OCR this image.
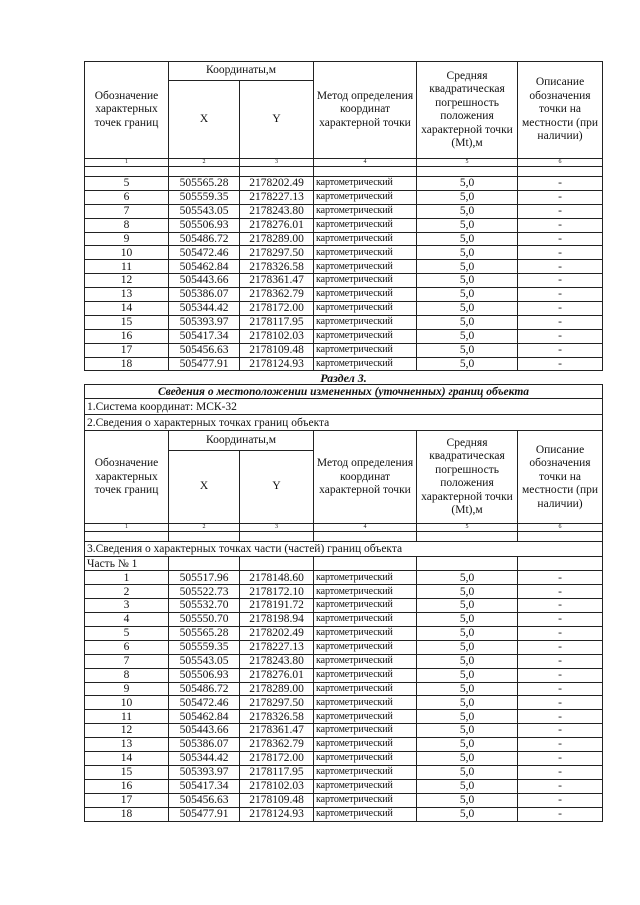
Обозначение характерных точек границ	Координаты,м		Метод определения координат характерной точки	Средняя квадратическая погрешность положения характерной точки (Mt),м	Описание обозначения точки на местности (при наличии)
	X	Y			
1	2	3	4	5	6

5	505565.28	2178202.49	картометрический	5,0	-
6	505559.35	2178227.13	картометрический	5,0	-
7	505543.05	2178243.80	картометрический	5,0	-
8	505506.93	2178276.01	картометрический	5,0	-
9	505486.72	2178289.00	картометрический	5,0	-
10	505472.46	2178297.50	картометрический	5,0	-
11	505462.84	2178326.58	картометрический	5,0	-
12	505443.66	2178361.47	картометрический	5,0	-
13	505386.07	2178362.79	картометрический	5,0	-
14	505344.42	2178172.00	картометрический	5,0	-
15	505393.97	2178117.95	картометрический	5,0	-
16	505417.34	2178102.03	картометрический	5,0	-
17	505456.63	2178109.48	картометрический	5,0	-
18	505477.91	2178124.93	картометрический	5,0	-
Раздел 3.					
Сведения о местоположении измененных (уточненных) границ объекта					
1.Система координат: МСК-32					
2.Сведения о характерных точках границ объекта					
Обозначение характерных точек границ	Координаты,м		Метод определения координат характерной точки	Средняя квадратическая погрешность положения характерной точки (Mt),м	Описание обозначения точки на местности (при наличии)
	X	Y			
1	2	3	4	5	6

3.Сведения о характерных точках части (частей) границ объекта					
Часть № 1					
1	505517.96	2178148.60	картометрический	5,0	-
2	505522.73	2178172.10	картометрический	5,0	-
3	505532.70	2178191.72	картометрический	5,0	-
4	505550.70	2178198.94	картометрический	5,0	-
5	505565.28	2178202.49	картометрический	5,0	-
6	505559.35	2178227.13	картометрический	5,0	-
7	505543.05	2178243.80	картометрический	5,0	-
8	505506.93	2178276.01	картометрический	5,0	-
9	505486.72	2178289.00	картометрический	5,0	-
10	505472.46	2178297.50	картометрический	5,0	-
11	505462.84	2178326.58	картометрический	5,0	-
12	505443.66	2178361.47	картометрический	5,0	-
13	505386.07	2178362.79	картометрический	5,0	-
14	505344.42	2178172.00	картометрический	5,0	-
15	505393.97	2178117.95	картометрический	5,0	-
16	505417.34	2178102.03	картометрический	5,0	-
17	505456.63	2178109.48	картометрический	5,0	-
18	505477.91	2178124.93	картометрический	5,0	-
